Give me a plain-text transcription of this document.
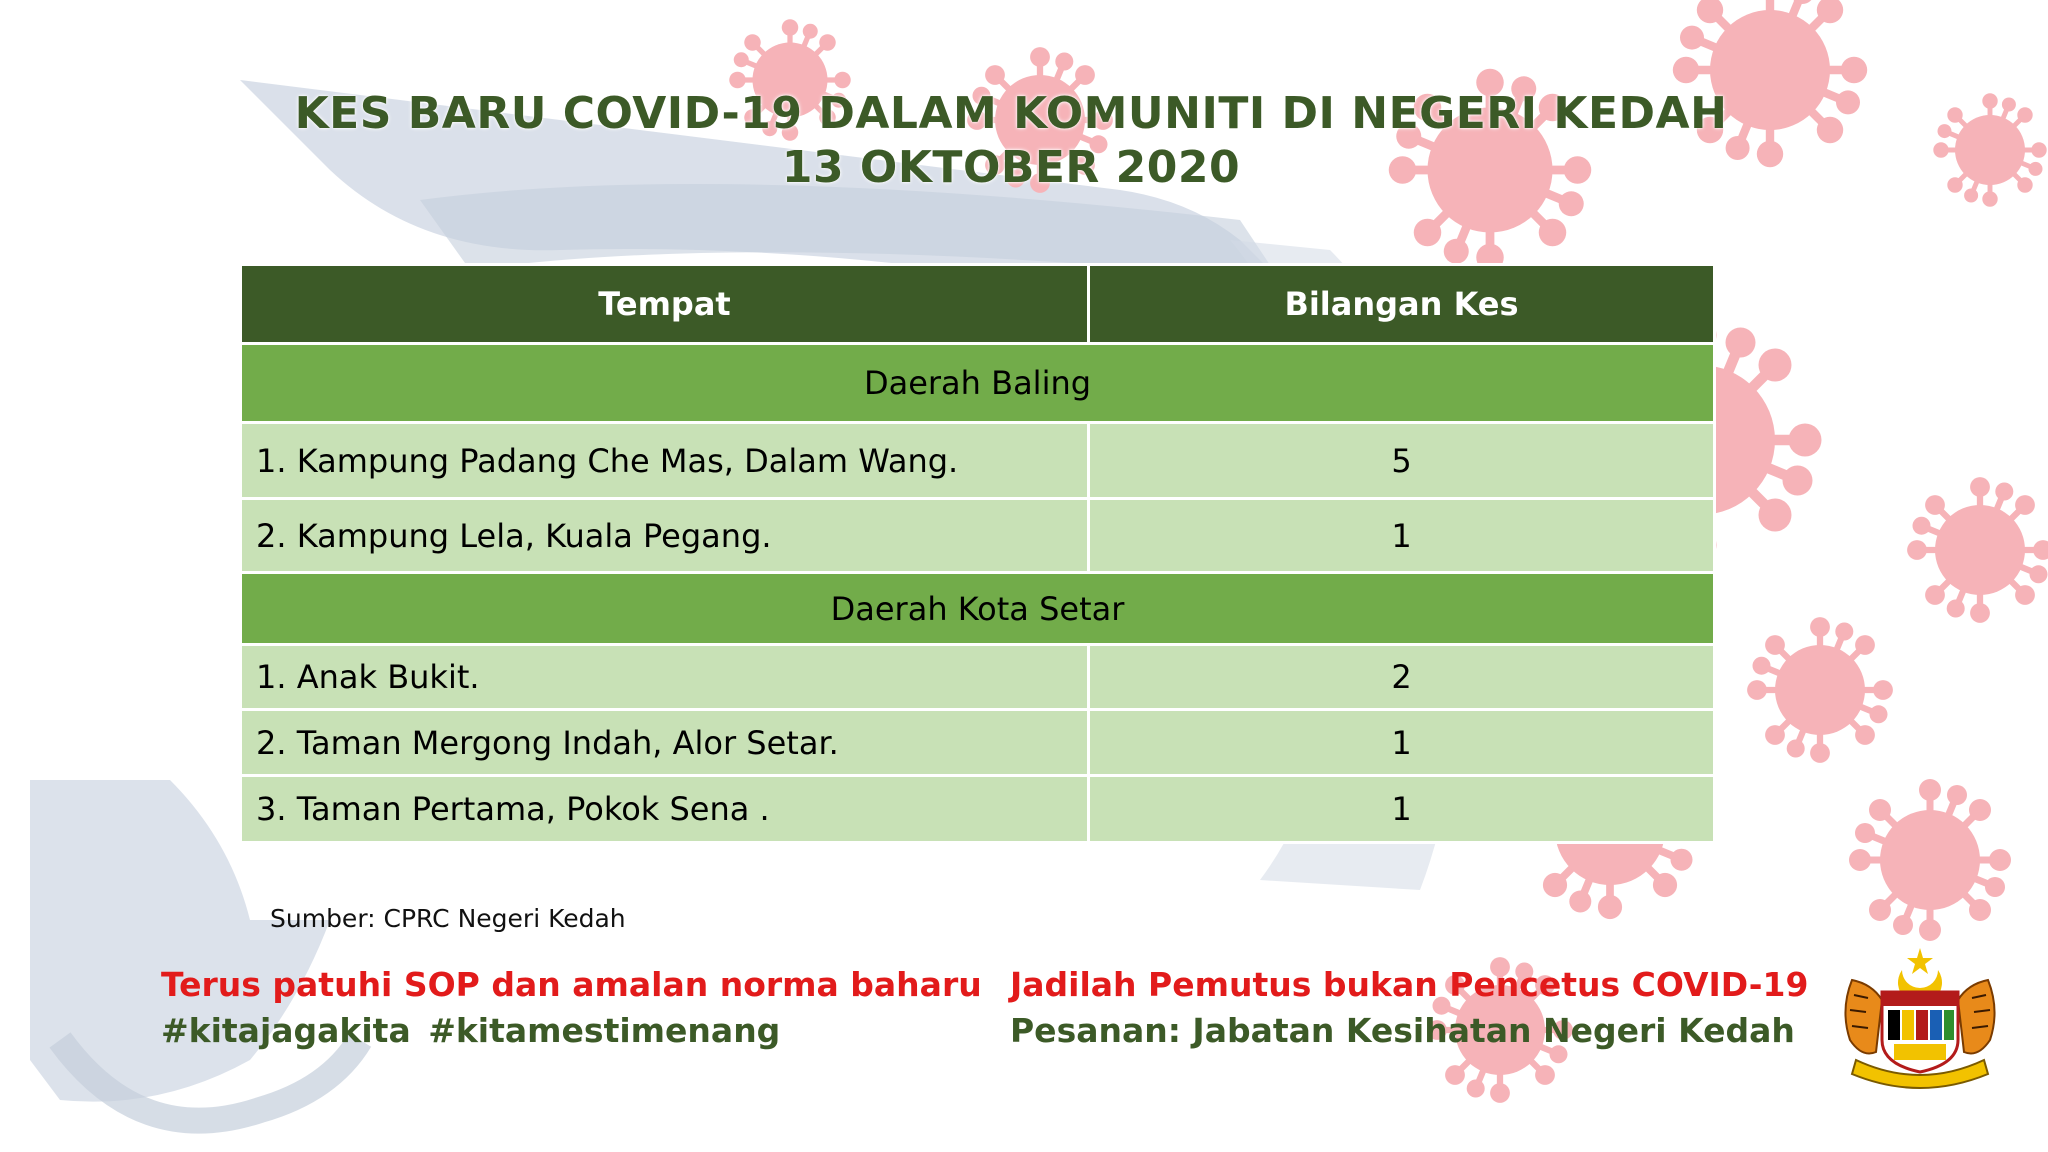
KES BARU COVID-19 DALAM KOMUNITI DI NEGERI KEDAH
13 OKTOBER 2020
Tempat	Bilangan Kes
Daerah Baling	
1. Kampung Padang Che Mas, Dalam Wang.	5
2. Kampung Lela, Kuala Pegang.	1
Daerah Kota Setar	
1. Anak Bukit.	2
2. Taman Mergong Indah, Alor Setar.	1
3. Taman Pertama, Pokok Sena .	1
Sumber: CPRC Negeri Kedah
Terus patuhi SOP dan amalan norma baharu
#kitajagakita #kitamestimenang
Jadilah Pemutus bukan Pencetus COVID-19
Pesanan: Jabatan Kesihatan Negeri Kedah
